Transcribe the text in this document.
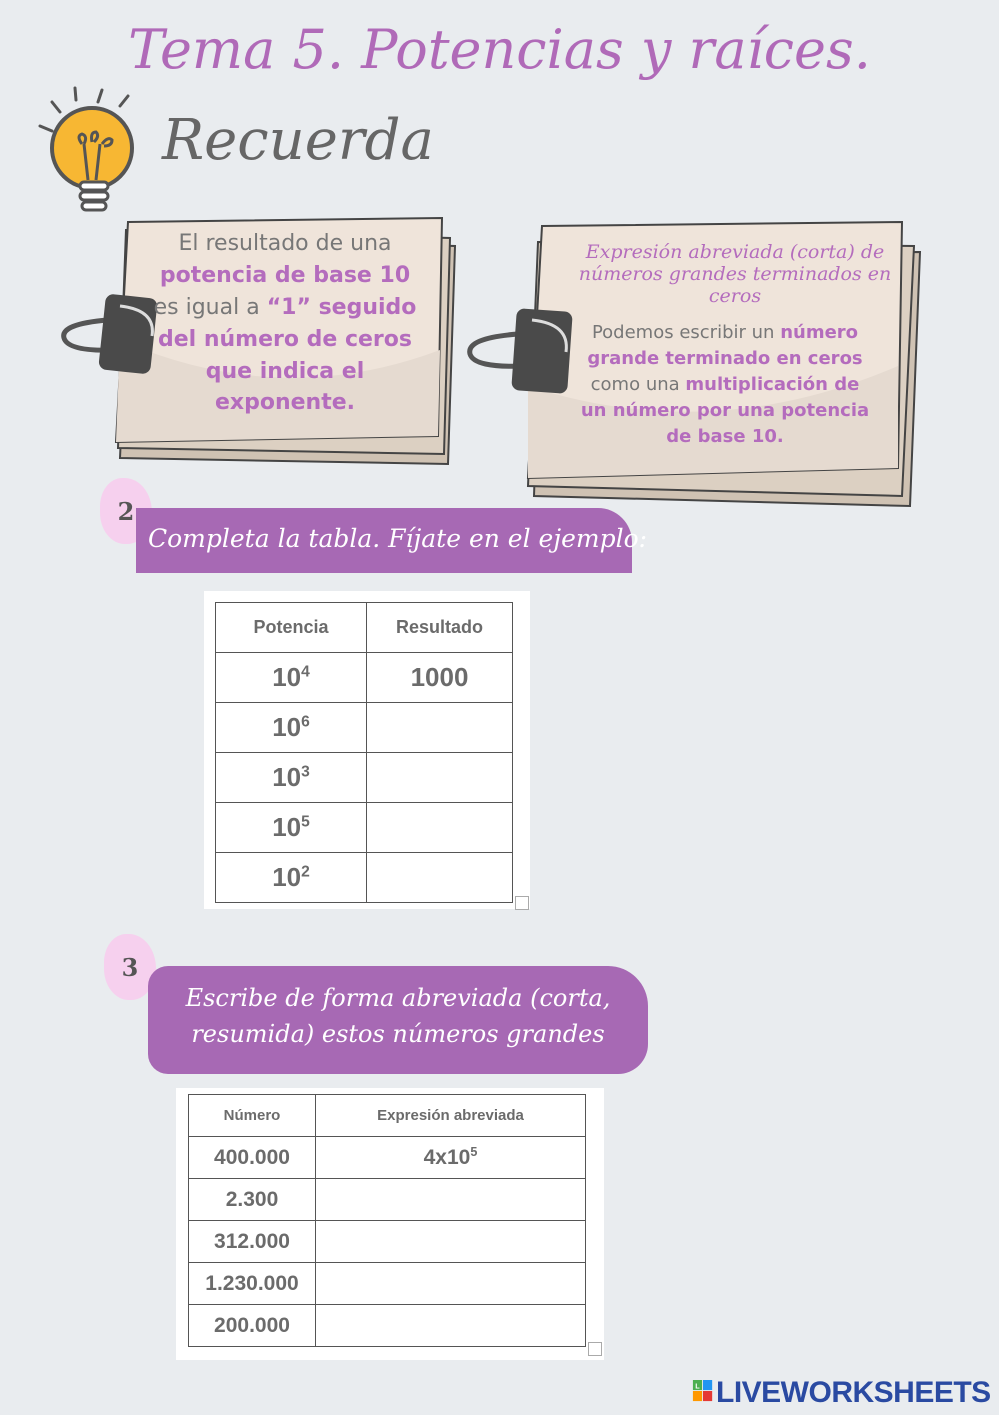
Tema 5. Potencias y raíces.
Recuerda
El resultado de una
potencia de base 10
es igual a “1” seguido del número de ceros que indica el exponente.
Expresión abreviada (corta) de números grandes terminados en ceros
Podemos escribir un número grande terminado en ceros como una multiplicación de un número por una potencia de base 10.
2
Completa la tabla. Fíjate en el ejemplo:
Potencia	Resultado
$10^4$	1000
$10^6$	
$10^3$	
$10^5$	
$10^2$	
3
Escribe de forma abreviada (corta,
resumida) estos números grandes
Número	Expresión abreviada
400.000	$4x10^5$
2.300	
312.000	
1.230.000	
200.000	
L LIVEWORKSHEETS
